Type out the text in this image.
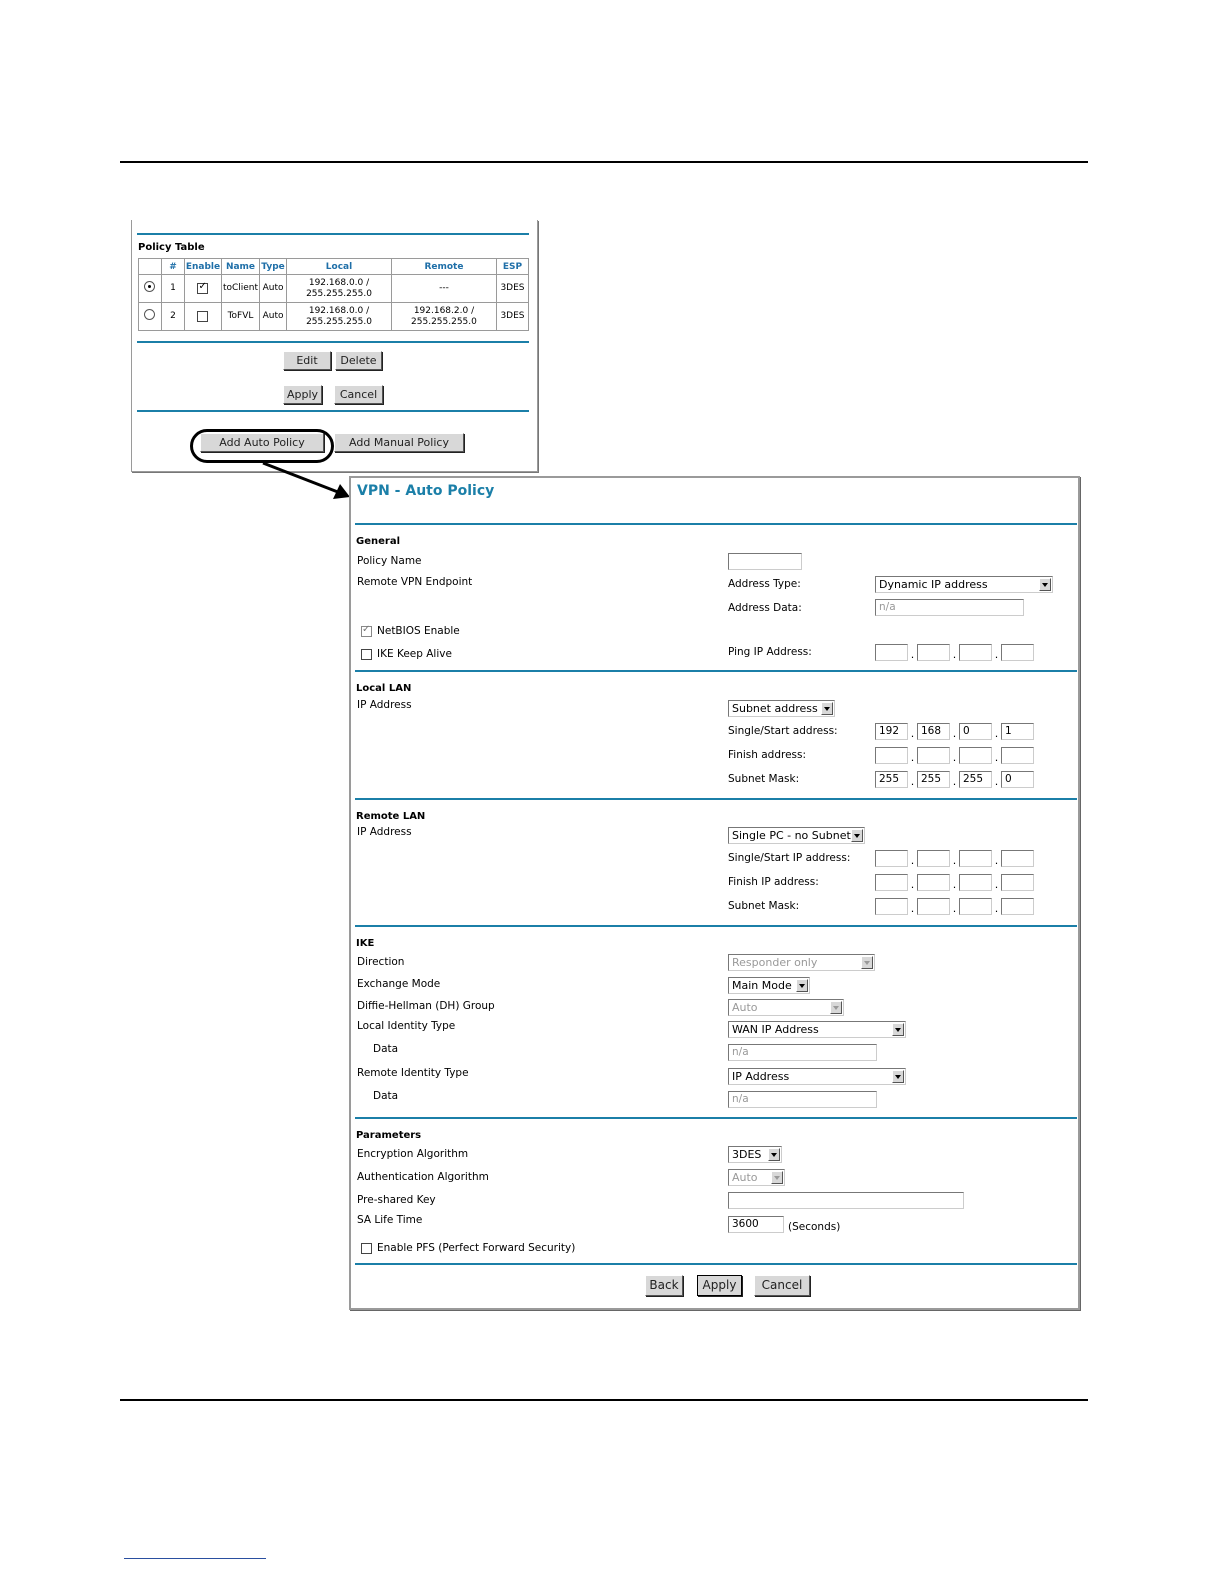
Policy Table
	#	Enable	Name	Type	Local	Remote	ESP
	1	✓	toClient	Auto	192.168.0.0 /
255.255.255.0	---	3DES
	2		ToFVL	Auto	192.168.0.0 /
255.255.255.0	192.168.2.0 /
255.255.255.0	3DES
Edit	Delete
Apply	Cancel
Add Auto Policy	Add Manual Policy
VPN - Auto Policy
General
Policy Name
Remote VPN Endpoint	Address Type:	Dynamic IP address
Address Data:	n/a
✓
NetBIOS Enable
IKE Keep Alive	Ping IP Address:	.	.	.
Local LAN
IP Address	Subnet address
Single/Start address:	192	. 168	. 0	. 1
Finish address:	.	.	.
Subnet Mask:	255	. 255	. 255	. 0
Remote LAN
IP Address	Single PC - no Subnet
Single/Start IP address:	.	.	.
Finish IP address:	.	.	.
Subnet Mask:	.	.	.
IKE
Direction	Responder only
Exchange Mode	Main Mode
Diffie-Hellman (DH) Group	Auto
Local Identity Type	WAN IP Address
Data	n/a
Remote Identity Type	IP Address
Data	n/a
Parameters
Encryption Algorithm	3DES
Authentication Algorithm	Auto
Pre-shared Key
SA Life Time	3600	(Seconds)
Enable PFS (Perfect Forward Security)
Back	Apply	Cancel
